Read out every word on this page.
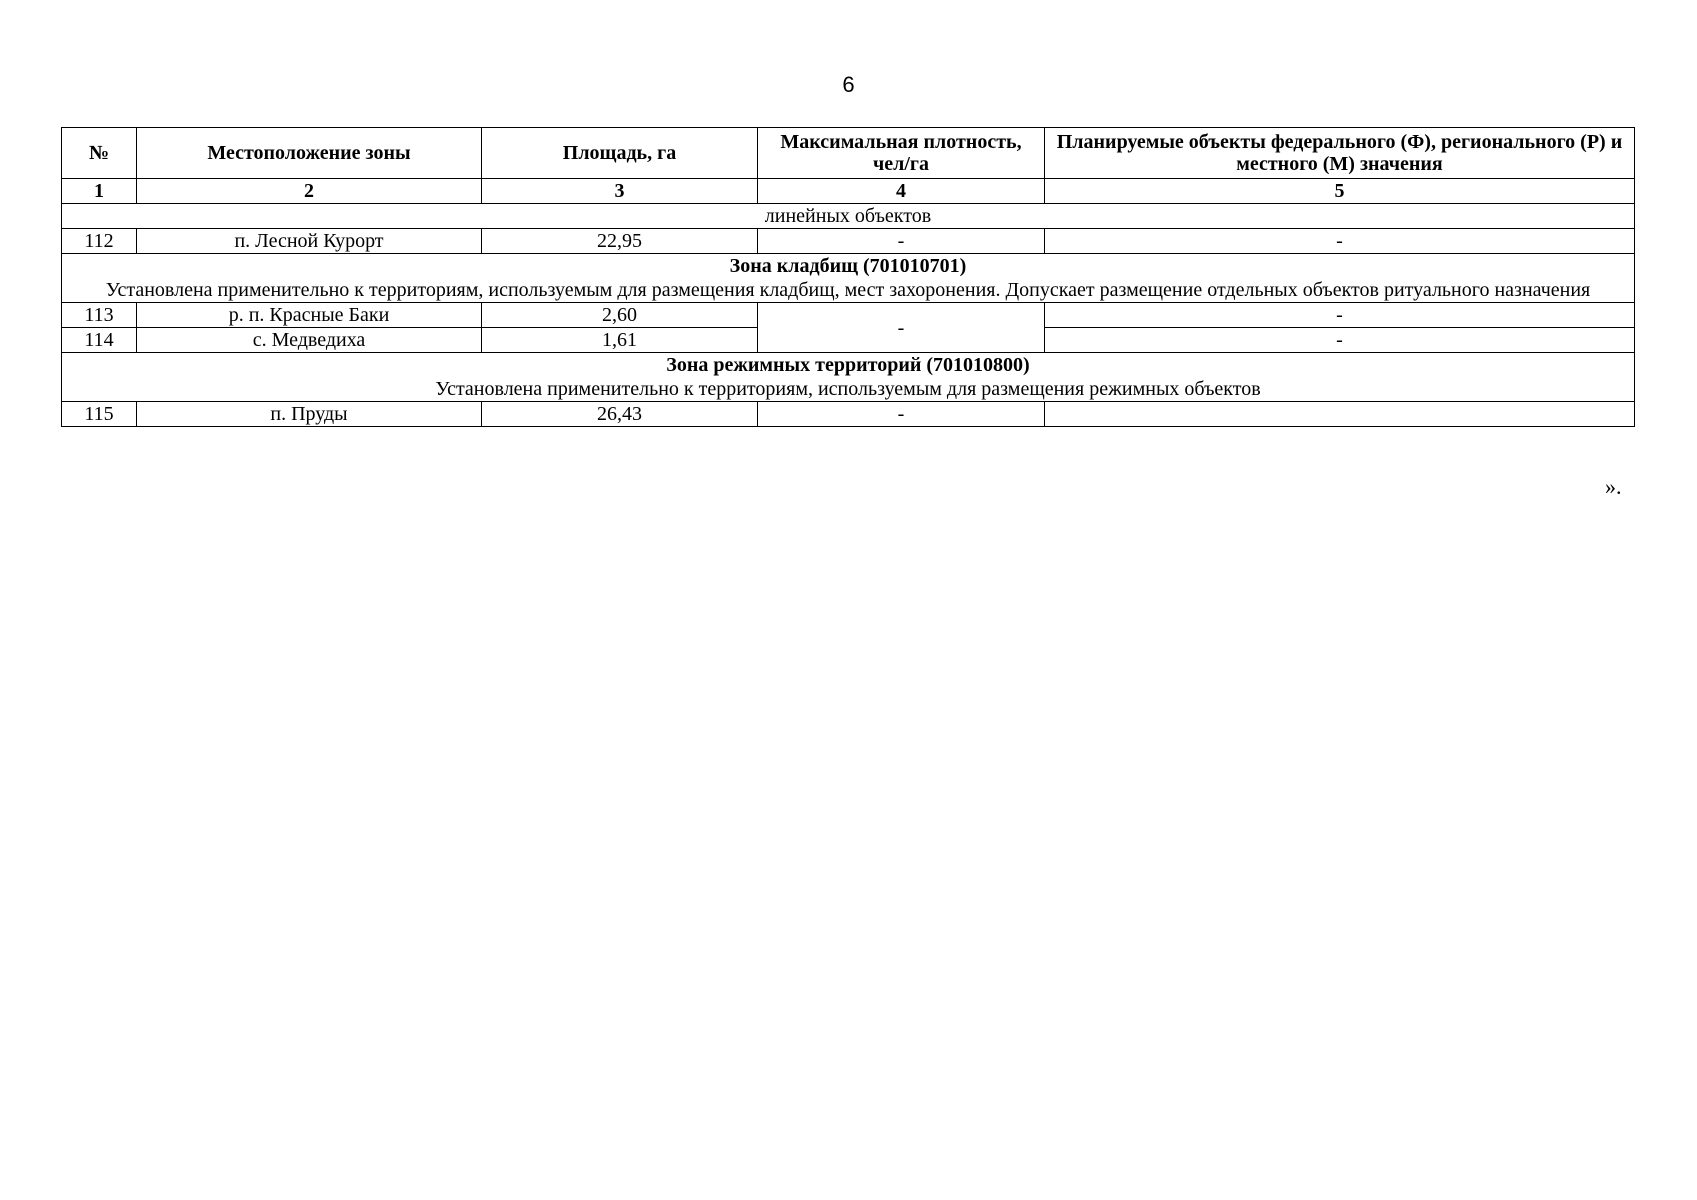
6
№	Местоположение зоны	Площадь, га	Максимальная плотность, чел/га	Планируемые объекты федерального (Ф), регионального (Р) и местного (М) значения
1	2	3	4	5
линейных объектов				
112	п. Лесной Курорт	22,95	-	-

Зона кладбищ (701010701)
Установлена применительно к территориям, используемым для размещения кладбищ, мест захоронения. Допускает размещение отдельных объектов ритуального назначения				

113	р. п. Красные Баки	2,60	-	-
114	с. Медведиха	1,61		-

Зона режимных территорий (701010800)
Установлена применительно к территориям, используемым для размещения режимных объектов				

115	п. Пруды	26,43	-	
».
